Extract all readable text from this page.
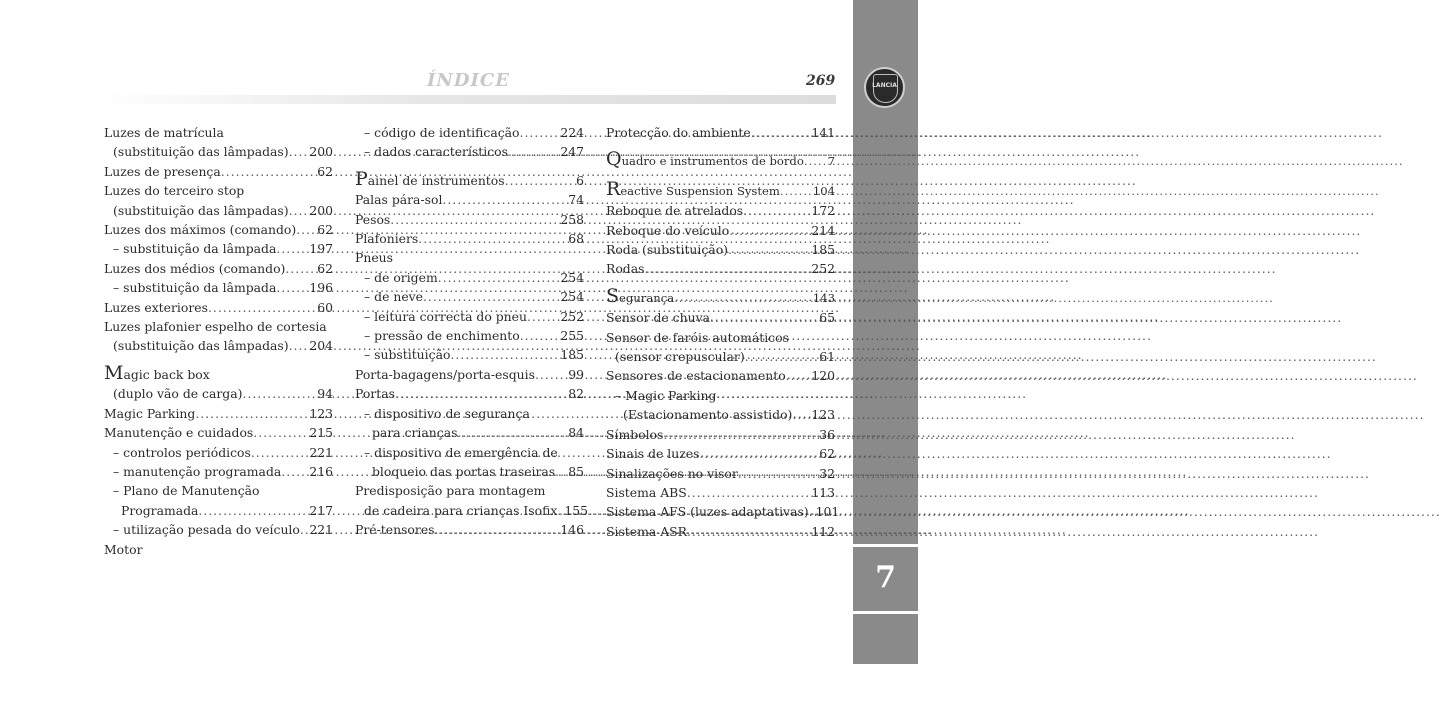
ÍNDICE	269	LANCIA
7
Luzes de matrícula
(substituição das lâmpadas) ..... 200
Luzes de presença .....	62
Luzes do terceiro stop
(substituição das lâmpadas) ..... 200
Luzes dos máximos (comando) ..... 62
– substituição da lâmpada .....	197
Luzes dos médios (comando) .....	62
– substituição da lâmpada .....	196
Luzes exteriores .....	60
Luzes plafonier espelho de cortesia
(substituição das lâmpadas) ..... 204
Magic back box
(duplo vão de carga) .....	94
Magic Parking .....	123
Manutenção e cuidados .....	215
– controlos periódicos .....	221
– manutenção programada ..... 216
– Plano de Manutenção
Programada .....	217
– utilização pesada do veículo ..... 221
Motor
– código de identificação .....	224
– dados característicos .....	247
Painel de instrumentos .....	6
Palas pára-sol .....	74
Pesos .....	258
Plafoniers .....	68
Pneus
– de origem .....	254
– de neve .....	254
– leitura correcta do pneu .....	252
– pressão de enchimento .....	255
– substituição .....	185
Porta-bagagens/porta-esquis .....	99
Portas .....	82
– dispositivo de segurança
para crianças .....	84
– dispositivo de emergência de
bloqueio das portas traseiras ..... 85
Predisposição para montagem
de cadeira para crianças Isofix ..... 155
Pré-tensores .....	146
Protecção do ambiente .....	141
Quadro e instrumentos de bordo ..... 7
Reactive Suspension System .....	104
Reboque de atrelados .....	172
Reboque do veículo .....	214
Roda (substituição) .....	185
Rodas .....	252
Segurança .....	143
Sensor de chuva .....	65
Sensor de faróis automáticos
(sensor crepuscular) .....	61
Sensores de estacionamento ..... 120
– Magic Parking
(Estacionamento assistido) ..... 123
Símbolos .....	36
Sinais de luzes .....	62
Sinalizações no visor .....	32
Sistema ABS .....	113
Sistema AFS (luzes adaptativas) ..... 101
Sistema ASR .....	112
